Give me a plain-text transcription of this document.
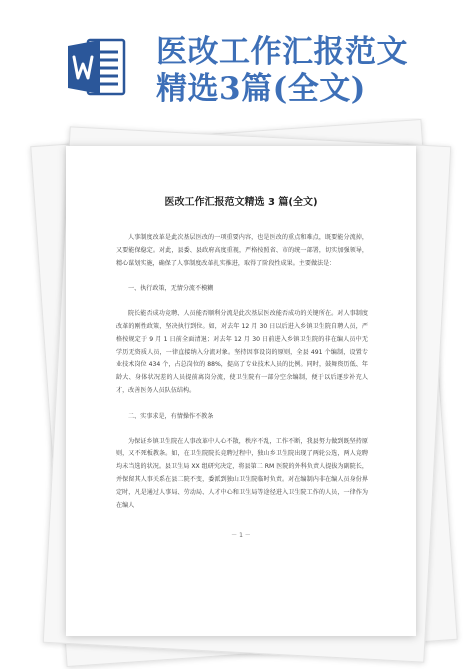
医改工作汇报范文
精选3篇(全文)
医改工作汇报范文精选 3 篇(全文)

人事制度改革是此次基层医改的一项重要内容，也是医改的重点和难点，既要能分流掉，又要能保稳定。对此，县委、县政府高度重视，严格按照省、市的统一部署，切实加强领导，精心谋划实施，确保了人事制度改革扎实推进，取得了阶段性成果。主要做法是：

一、执行政策，无情分流不模糊

院长能否成功竞聘、人员能否顺利分流是此次基层医改能否成功的关键所在。对人事制度改革的刚性政策，坚决执行到位。如，对去年 12 月 30 日以后进入乡镇卫生院自聘人员，严格按规定于 9 月 1 日前全面清退；对去年 12 月 30 日前进入乡镇卫生院的非在编人员中无学历无资质人员，一律直接纳入分流对象。坚持因事设岗的原则，全县 491 个编制，设置专业技术岗位 434 个，占总岗位的 88%，提高了专业技术人员的比例。同时，鼓舞资历低、年龄大、身体状况差的人员提前离岗分流，使卫生院有一部分空余编制，便于以后逐步补充人才，改善医务人员队伍结构。

二、实事求是，有情操作不教条

为保证乡镇卫生院在人事改革中人心不散，秩序不乱，工作不断，我县努力做到既坚持原则，又不死板教条。如，在卫生院院长竞聘过程中，独山乡卫生院出现了两轮公选，两人竞聘均未当选的状况。县卫生局 XX 组研究决定，将县第二 RM 医院的外科负责人提拔为副院长，并保留其人事关系在县二院不变，委派到独山卫生院临时负责。对在编制内非在编人员身份界定时，凡是通过人事局、劳动局、人才中心和卫生局等途径进入卫生院工作的人员，一律作为在编人

－ 1 －
